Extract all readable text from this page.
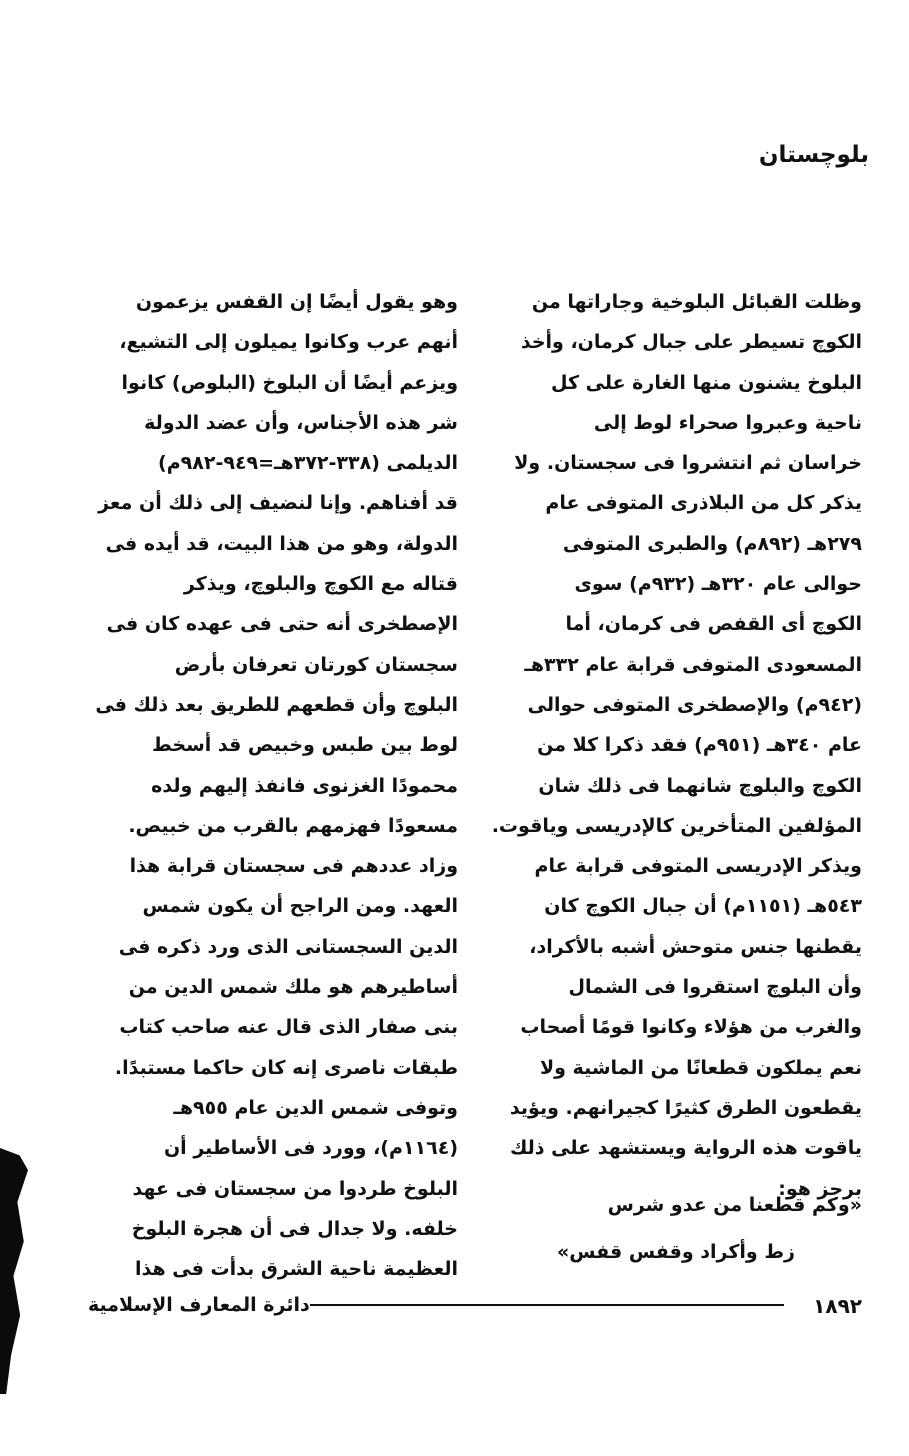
بلوچستان
وظلت القبائل البلوخية وجاراتها من
الكوچ تسيطر على جبال كرمان، وأخذ
البلوخ يشنون منها الغارة على كل
ناحية وعبروا صحراء لوط إلى
خراسان ثم انتشروا فى سجستان. ولا
يذكر كل من البلاذرى المتوفى عام
٢٧٩هـ (٨٩٢م) والطبرى المتوفى
حوالى عام ٣٢٠هـ (٩٣٢م) سوى
الكوچ أى القفص فى كرمان، أما
المسعودى المتوفى قرابة عام ٣٣٢هـ
(٩٤٢م) والإصطخرى المتوفى حوالى
عام ٣٤٠هـ (٩٥١م) فقد ذكرا كلا من
الكوچ والبلوچ شانهما فى ذلك شان
المؤلفين المتأخرين كالإدريسى وياقوت.
ويذكر الإدريسى المتوفى قرابة عام
٥٤٣هـ (١١٥١م) أن جبال الكوچ كان
يقطنها جنس متوحش أشبه بالأكراد،
وأن البلوچ استقروا فى الشمال
والغرب من هؤلاء وكانوا قومًا أصحاب
نعم يملكون قطعانًا من الماشية ولا
يقطعون الطرق كثيرًا كجيرانهم. ويؤيد
ياقوت هذه الرواية ويستشهد على ذلك
برجز هو:
وهو يقول أيضًا إن القفس يزعمون
أنهم عرب وكانوا يميلون إلى التشيع،
ويزعم أيضًا أن البلوخ (البلوص) كانوا
شر هذه الأجناس، وأن عضد الدولة
الديلمى (٣٣٨-٣٧٢هـ=٩٤٩-٩٨٢م)
قد أفناهم. وإنا لنضيف إلى ذلك أن معز
الدولة، وهو من هذا البيت، قد أيده فى
قتاله مع الكوچ والبلوچ، ويذكر
الإصطخرى أنه حتى فى عهده كان فى
سجستان كورتان تعرفان بأرض
البلوچ وأن قطعهم للطريق بعد ذلك فى
لوط بين طبس وخبيص قد أسخط
محمودًا الغزنوى فانفذ إليهم ولده
مسعودًا فهزمهم بالقرب من خبيص.
وزاد عددهم فى سجستان قرابة هذا
العهد. ومن الراجح أن يكون شمس
الدين السجستانى الذى ورد ذكره فى
أساطيرهم هو ملك شمس الدين من
بنى صفار الذى قال عنه صاحب كتاب
طبقات ناصرى إنه كان حاكما مستبدًا.
وتوفى شمس الدين عام ٩٥٥هـ
(١١٦٤م)، وورد فى الأساطير أن
البلوخ طردوا من سجستان فى عهد
خلفه. ولا جدال فى أن هجرة البلوخ
العظيمة ناحية الشرق بدأت فى هذا
«وكم قطعنا من عدو شرس
زط وأكراد وقفس قفس»
١٨٩٢
دائرة المعارف الإسلامية
